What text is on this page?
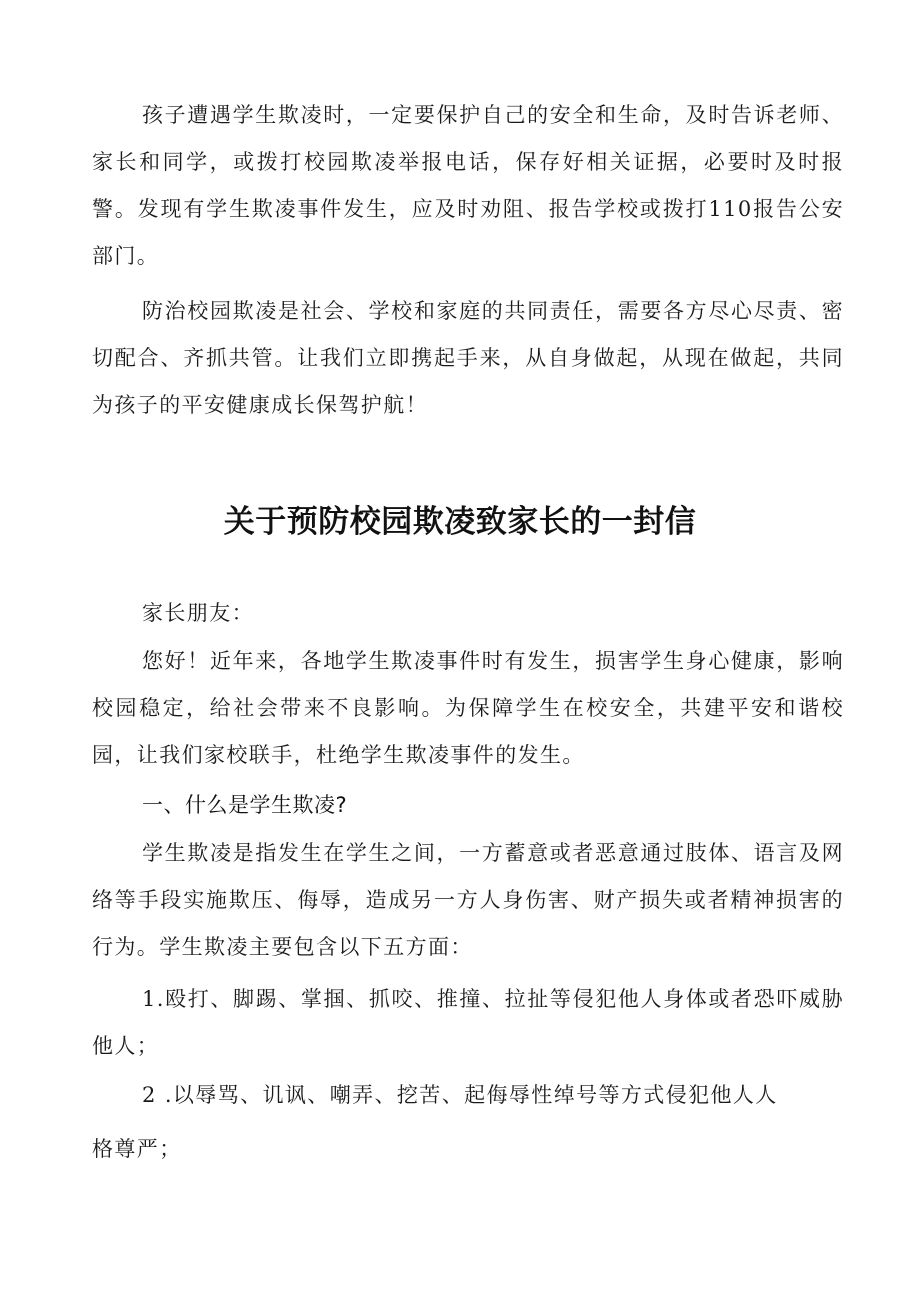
孩子遭遇学生欺凌时，一定要保护自己的安全和生命，及时告诉老师、家长和同学，或拨打校园欺凌举报电话，保存好相关证据，必要时及时报警。发现有学生欺凌事件发生，应及时劝阻、报告学校或拨打110报告公安部门。

防治校园欺凌是社会、学校和家庭的共同责任，需要各方尽心尽责、密切配合、齐抓共管。让我们立即携起手来，从自身做起，从现在做起，共同为孩子的平安健康成长保驾护航！

关于预防校园欺凌致家长的一封信

家长朋友：

您好！近年来，各地学生欺凌事件时有发生，损害学生身心健康，影响校园稳定，给社会带来不良影响。为保障学生在校安全，共建平安和谐校园，让我们家校联手，杜绝学生欺凌事件的发生。

一、什么是学生欺凌?

学生欺凌是指发生在学生之间，一方蓄意或者恶意通过肢体、语言及网络等手段实施欺压、侮辱，造成另一方人身伤害、财产损失或者精神损害的行为。学生欺凌主要包含以下五方面：

1.殴打、脚踢、掌掴、抓咬、推撞、拉扯等侵犯他人身体或者恐吓威胁他人；

2 .以辱骂、讥讽、嘲弄、挖苦、起侮辱性绰号等方式侵犯他人人

格尊严；
